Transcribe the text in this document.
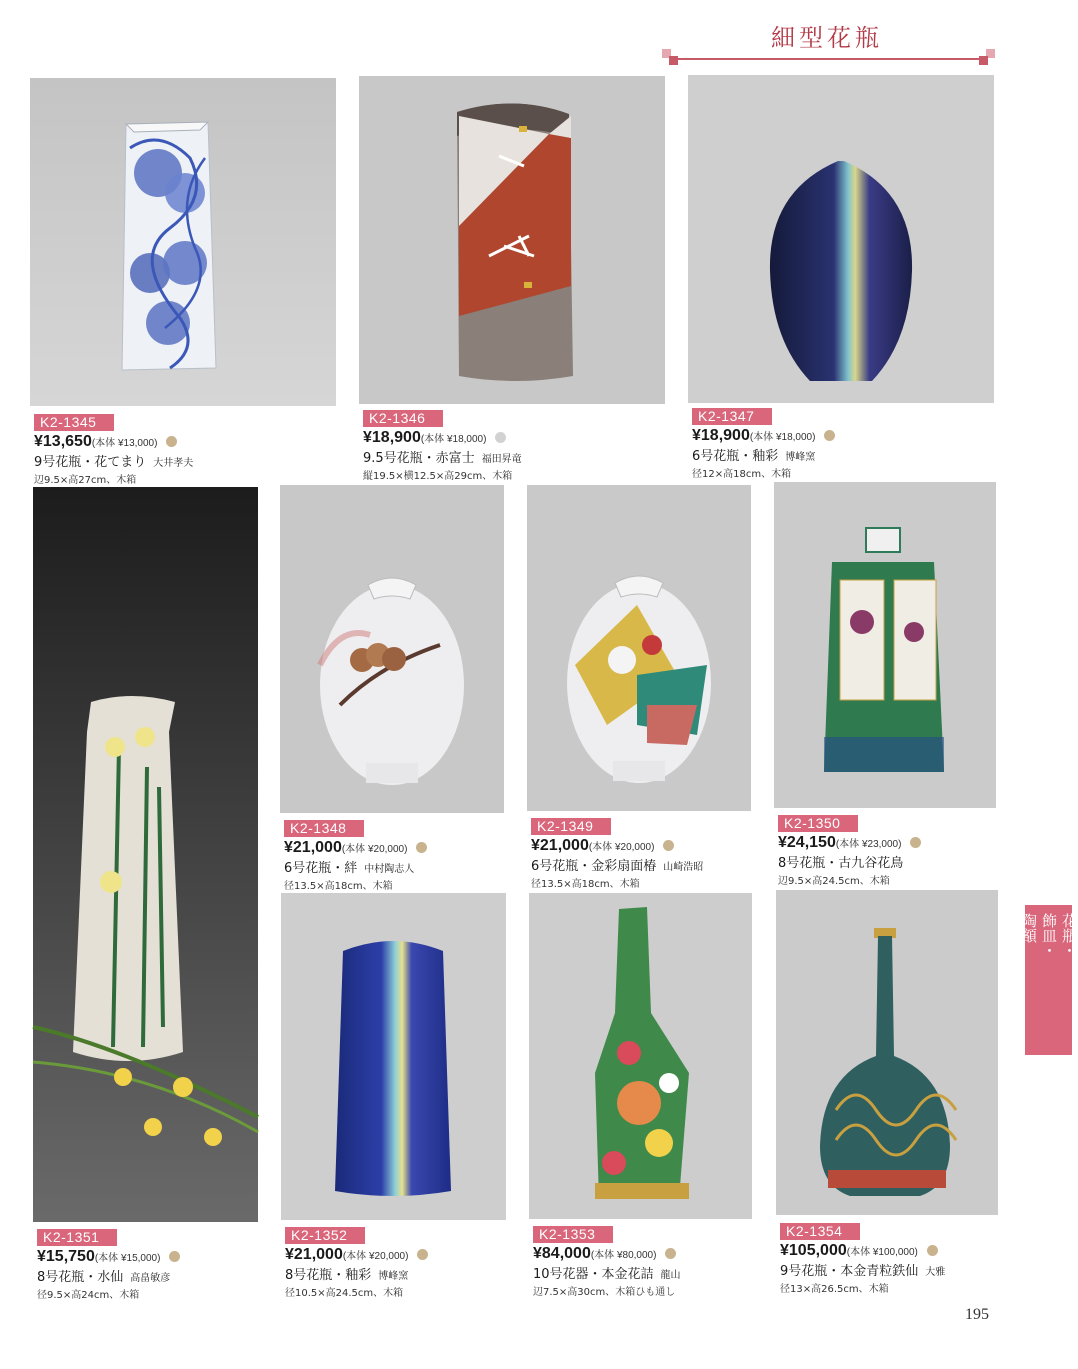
細型花瓶
K2-1345
¥13,650(本体 ¥13,000)
9号花瓶・花てまり 大井孝夫
辺9.5×高27cm、木箱
K2-1346
¥18,900(本体 ¥18,000)
9.5号花瓶・赤富士 福田昇竜
縦19.5×横12.5×高29cm、木箱
K2-1347
¥18,900(本体 ¥18,000)
6号花瓶・釉彩 博峰窯
径12×高18cm、木箱
K2-1348
¥21,000(本体 ¥20,000)
6号花瓶・絆 中村陶志人
径13.5×高18cm、木箱
K2-1349
¥21,000(本体 ¥20,000)
6号花瓶・金彩扇面椿 山崎浩昭
径13.5×高18cm、木箱
K2-1350
¥24,150(本体 ¥23,000)
8号花瓶・古九谷花鳥
辺9.5×高24.5cm、木箱
K2-1351
¥15,750(本体 ¥15,000)
8号花瓶・水仙 高畠敏彦
径9.5×高24cm、木箱
K2-1352
¥21,000(本体 ¥20,000)
8号花瓶・釉彩 博峰窯
径10.5×高24.5cm、木箱
K2-1353
¥84,000(本体 ¥80,000)
10号花器・本金花詰 龍山
辺7.5×高30cm、木箱ひも通し
K2-1354
¥105,000(本体 ¥100,000)
9号花瓶・本金青粒鉄仙 大雅
径13×高26.5cm、木箱
花瓶・
飾皿・
陶額
195
